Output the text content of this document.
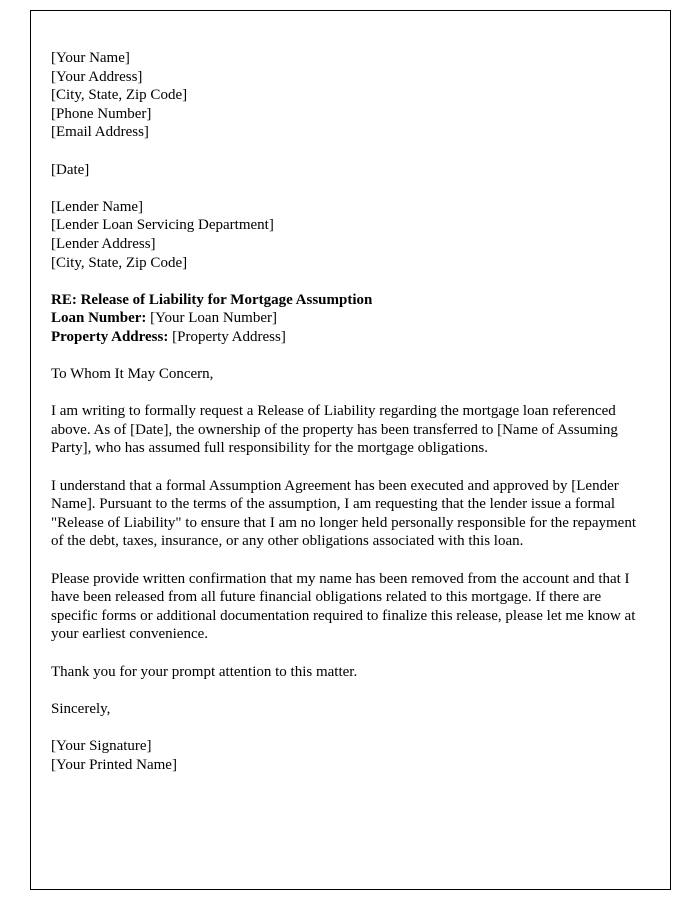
[Your Name]
[Your Address]
[City, State, Zip Code]
[Phone Number]
[Email Address]
[Date]
[Lender Name]
[Lender Loan Servicing Department]
[Lender Address]
[City, State, Zip Code]
RE: Release of Liability for Mortgage Assumption
Loan Number: [Your Loan Number]
Property Address: [Property Address]
To Whom It May Concern,

I am writing to formally request a Release of Liability regarding the mortgage loan referenced above. As of [Date], the ownership of the property has been transferred to [Name of Assuming Party], who has assumed full responsibility for the mortgage obligations.

I understand that a formal Assumption Agreement has been executed and approved by [Lender Name]. Pursuant to the terms of the assumption, I am requesting that the lender issue a formal "Release of Liability" to ensure that I am no longer held personally responsible for the repayment of the debt, taxes, insurance, or any other obligations associated with this loan.

Please provide written confirmation that my name has been removed from the account and that I have been released from all future financial obligations related to this mortgage. If there are specific forms or additional documentation required to finalize this release, please let me know at your earliest convenience.

Thank you for your prompt attention to this matter.

Sincerely,
[Your Signature]
[Your Printed Name]
